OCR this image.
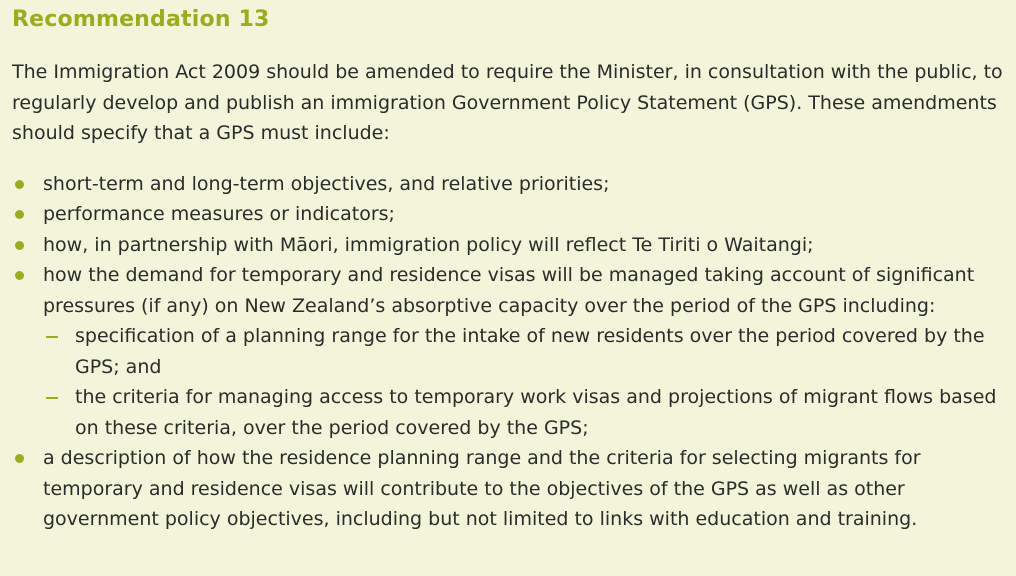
Recommendation 13

The Immigration Act 2009 should be amended to require the Minister, in consultation with the public, to regularly develop and publish an immigration Government Policy Statement (GPS). These amendments should specify that a GPS must include:

short-term and long-term objectives, and relative priorities;
performance measures or indicators;
how, in partnership with Māori, immigration policy will reflect Te Tiriti o Waitangi;
how the demand for temporary and residence visas will be managed taking account of significant pressures (if any) on New Zealand’s absorptive capacity over the period of the GPS including:
specification of a planning range for the intake of new residents over the period covered by the GPS; and
the criteria for managing access to temporary work visas and projections of migrant flows based on these criteria, over the period covered by the GPS;
a description of how the residence planning range and the criteria for selecting migrants for temporary and residence visas will contribute to the objectives of the GPS as well as other government policy objectives, including but not limited to links with education and training.
